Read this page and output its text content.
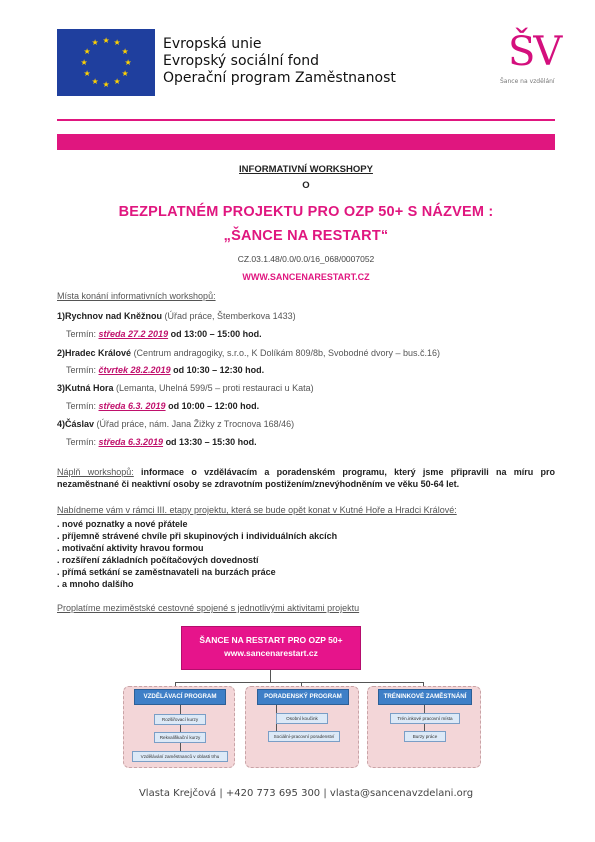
★ ★
★
★
★
★
★
★
★
★
★
★	Evropská unie
Evropský sociální fond
Operační program Zaměstnanost
ŠV
Šance na vzdělání
INFORMATIVNÍ WORKSHOPY
O
BEZPLATNÉM PROJEKTU PRO OZP 50+ S NÁZVEM :
„ŠANCE NA RESTART“
CZ.03.1.48/0.0/0.0/16_068/0007052
WWW.SANCENARESTART.CZ
Místa konání informativních workshopů:
1)Rychnov nad Kněžnou (Úřad práce, Štemberkova 1433)
Termín: středa 27.2 2019 od 13:00 – 15:00 hod.
2)Hradec Králové (Centrum andragogiky, s.r.o., K Dolíkám 809/8b, Svobodné dvory – bus.č.16)
Termín: čtvrtek 28.2.2019 od 10:30 – 12:30 hod.
3)Kutná Hora (Lemanta, Uhelná 599/5 – proti restauraci u Kata)
Termín: středa 6.3. 2019 od 10:00 – 12:00 hod.
4)Čáslav (Úřad práce, nám. Jana Žižky z Trocnova 168/46)
Termín: středa 6.3.2019 od 13:30 – 15:30 hod.
Náplň workshopů: informace o vzdělávacím a poradenském programu, který jsme připravili na míru pro nezaměstnané či neaktivní osoby se zdravotním postižením/znevýhodněním ve věku 50-64 let.
Nabídneme vám v rámci III. etapy projektu, která se bude opět konat v Kutné Hoře a Hradci Králové:
. nové poznatky a nové přátele
. příjemně strávené chvíle při skupinových i individuálních akcích
. motivační aktivity hravou formou
. rozšíření základních počítačových dovedností
. přímá setkání se zaměstnavateli na burzách práce
. a mnoho dalšího
Proplatíme meziměstské cestovné spojené s jednotlivými aktivitami projektu
ŠANCE NA RESTART PRO OZP 50+
www.sancenarestart.cz
VZDĚLÁVACÍ PROGRAM
Rozšiřovací kurzy
Rekvalifikační kurzy
Vzdělávání zaměstnanců v oblasti trhu
PORADENSKÝ PROGRAM
Osobní koučink
Sociální-pracovní poradenství
TRÉNINKOVÉ ZAMĚSTNÁNÍ
Trén.inkové pracovní místa
Burzy práce
Vlasta Krejčová | +420 773 695 300 | vlasta@sancenavzdelani.org
